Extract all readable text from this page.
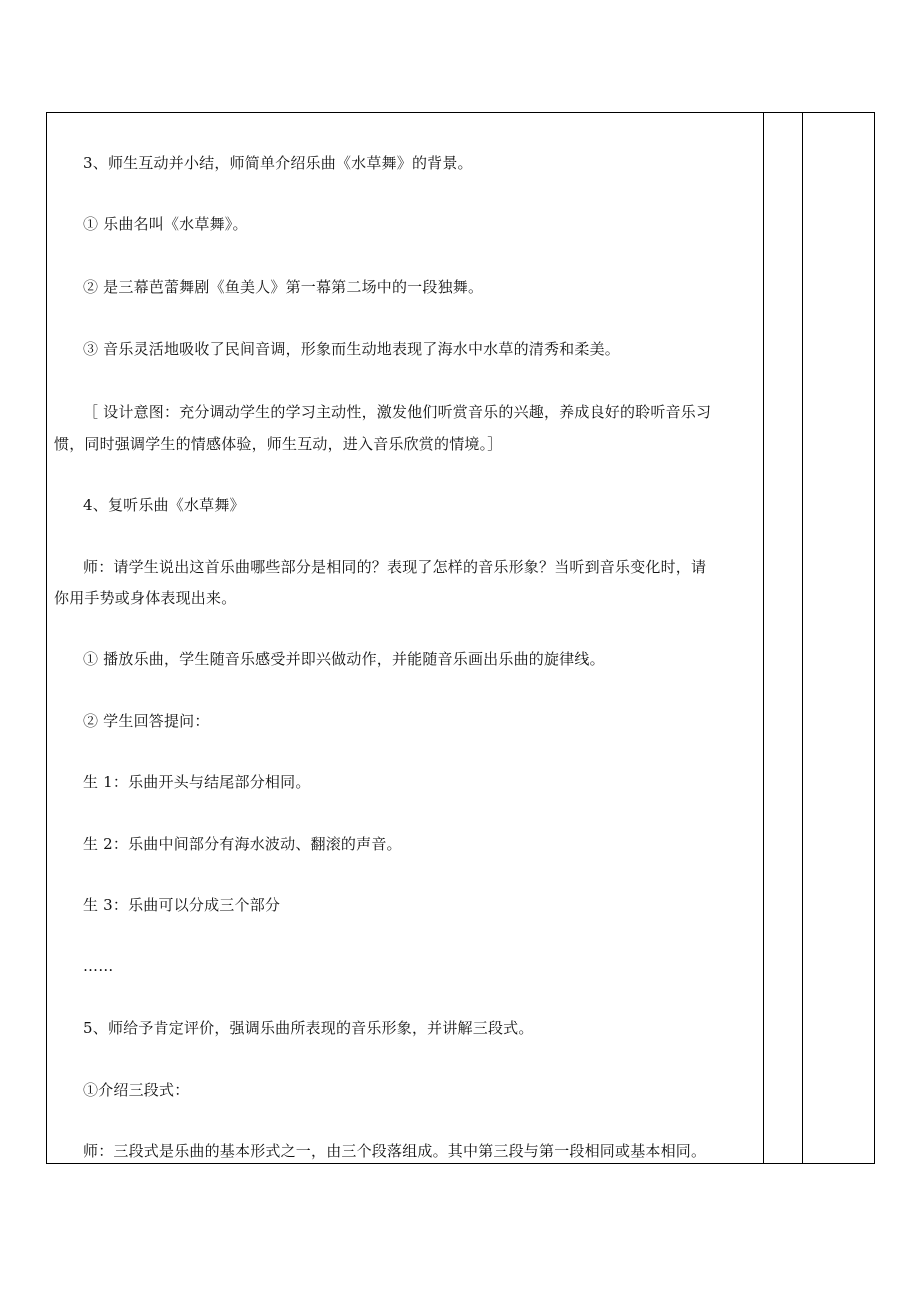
3、师生互动并小结，师简单介绍乐曲《水草舞》的背景。
① 乐曲名叫《水草舞》。
② 是三幕芭蕾舞剧《鱼美人》第一幕第二场中的一段独舞。
③ 音乐灵活地吸收了民间音调，形象而生动地表现了海水中水草的清秀和柔美。
［ 设计意图：充分调动学生的学习主动性，激发他们听赏音乐的兴趣，养成良好的聆听音乐习
惯，同时强调学生的情感体验，师生互动，进入音乐欣赏的情境。］
4、复听乐曲《水草舞》
师：请学生说出这首乐曲哪些部分是相同的？表现了怎样的音乐形象？当听到音乐变化时，请
你用手势或身体表现出来。
① 播放乐曲，学生随音乐感受并即兴做动作，并能随音乐画出乐曲的旋律线。
② 学生回答提问：
生 1：乐曲开头与结尾部分相同。
生 2：乐曲中间部分有海水波动、翻滚的声音。
生 3：乐曲可以分成三个部分
……
5、师给予肯定评价，强调乐曲所表现的音乐形象，并讲解三段式。
①介绍三段式：
师：三段式是乐曲的基本形式之一，由三个段落组成。其中第三段与第一段相同或基本相同。
